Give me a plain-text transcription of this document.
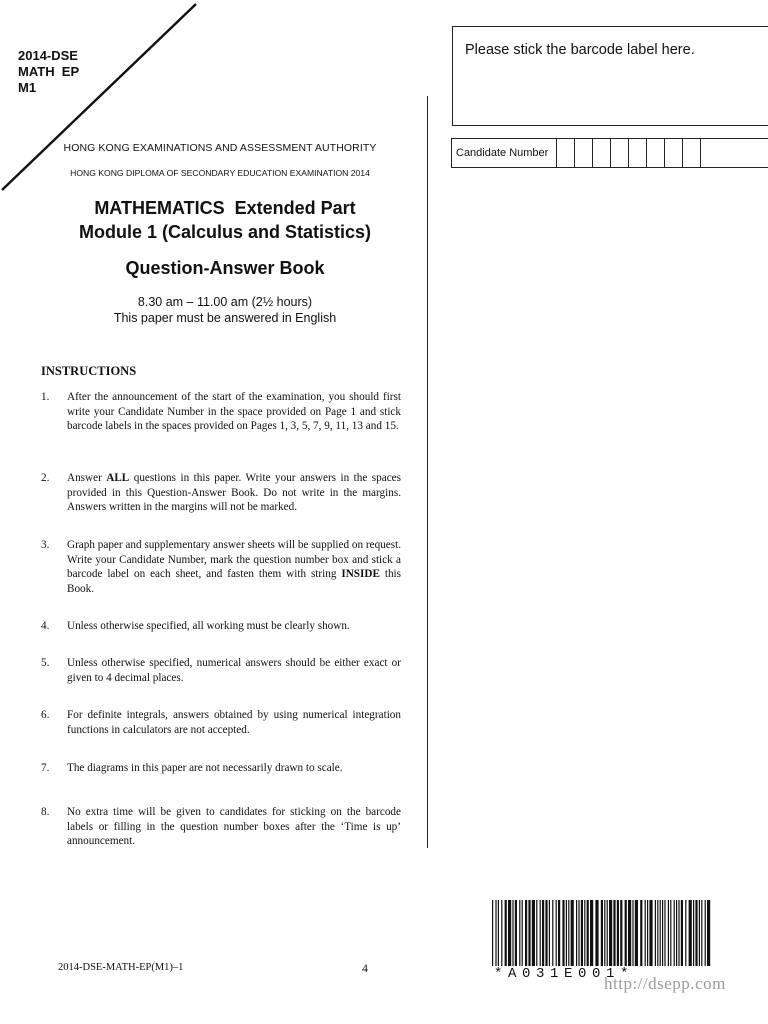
2014-DSE
MATH  EP
M1
HONG KONG EXAMINATIONS AND ASSESSMENT AUTHORITY
HONG KONG DIPLOMA OF SECONDARY EDUCATION EXAMINATION 2014
MATHEMATICS  Extended Part
Module 1 (Calculus and Statistics)
Question-Answer Book
8.30 am – 11.00 am (2½ hours)
This paper must be answered in English
INSTRUCTIONS
1. After the announcement of the start of the examination, you should first write your Candidate Number in the space provided on Page 1 and stick barcode labels in the spaces provided on Pages 1, 3, 5, 7, 9, 11, 13 and 15.
2. Answer ALL questions in this paper. Write your answers in the spaces provided in this Question-Answer Book. Do not write in the margins. Answers written in the margins will not be marked.
3. Graph paper and supplementary answer sheets will be supplied on request. Write your Candidate Number, mark the question number box and stick a barcode label on each sheet, and fasten them with string INSIDE this Book.
4. Unless otherwise specified, all working must be clearly shown.
5. Unless otherwise specified, numerical answers should be either exact or given to 4 decimal places.
6. For definite integrals, answers obtained by using numerical integration functions in calculators are not accepted.
7. The diagrams in this paper are not necessarily drawn to scale.
8. No extra time will be given to candidates for sticking on the barcode labels or filling in the question number boxes after the ‘Time is up’ announcement.
Please stick the barcode label here.
Candidate Number
2014-DSE-MATH-EP(M1)–1	4	*A031E001*
http://dsepp.com
